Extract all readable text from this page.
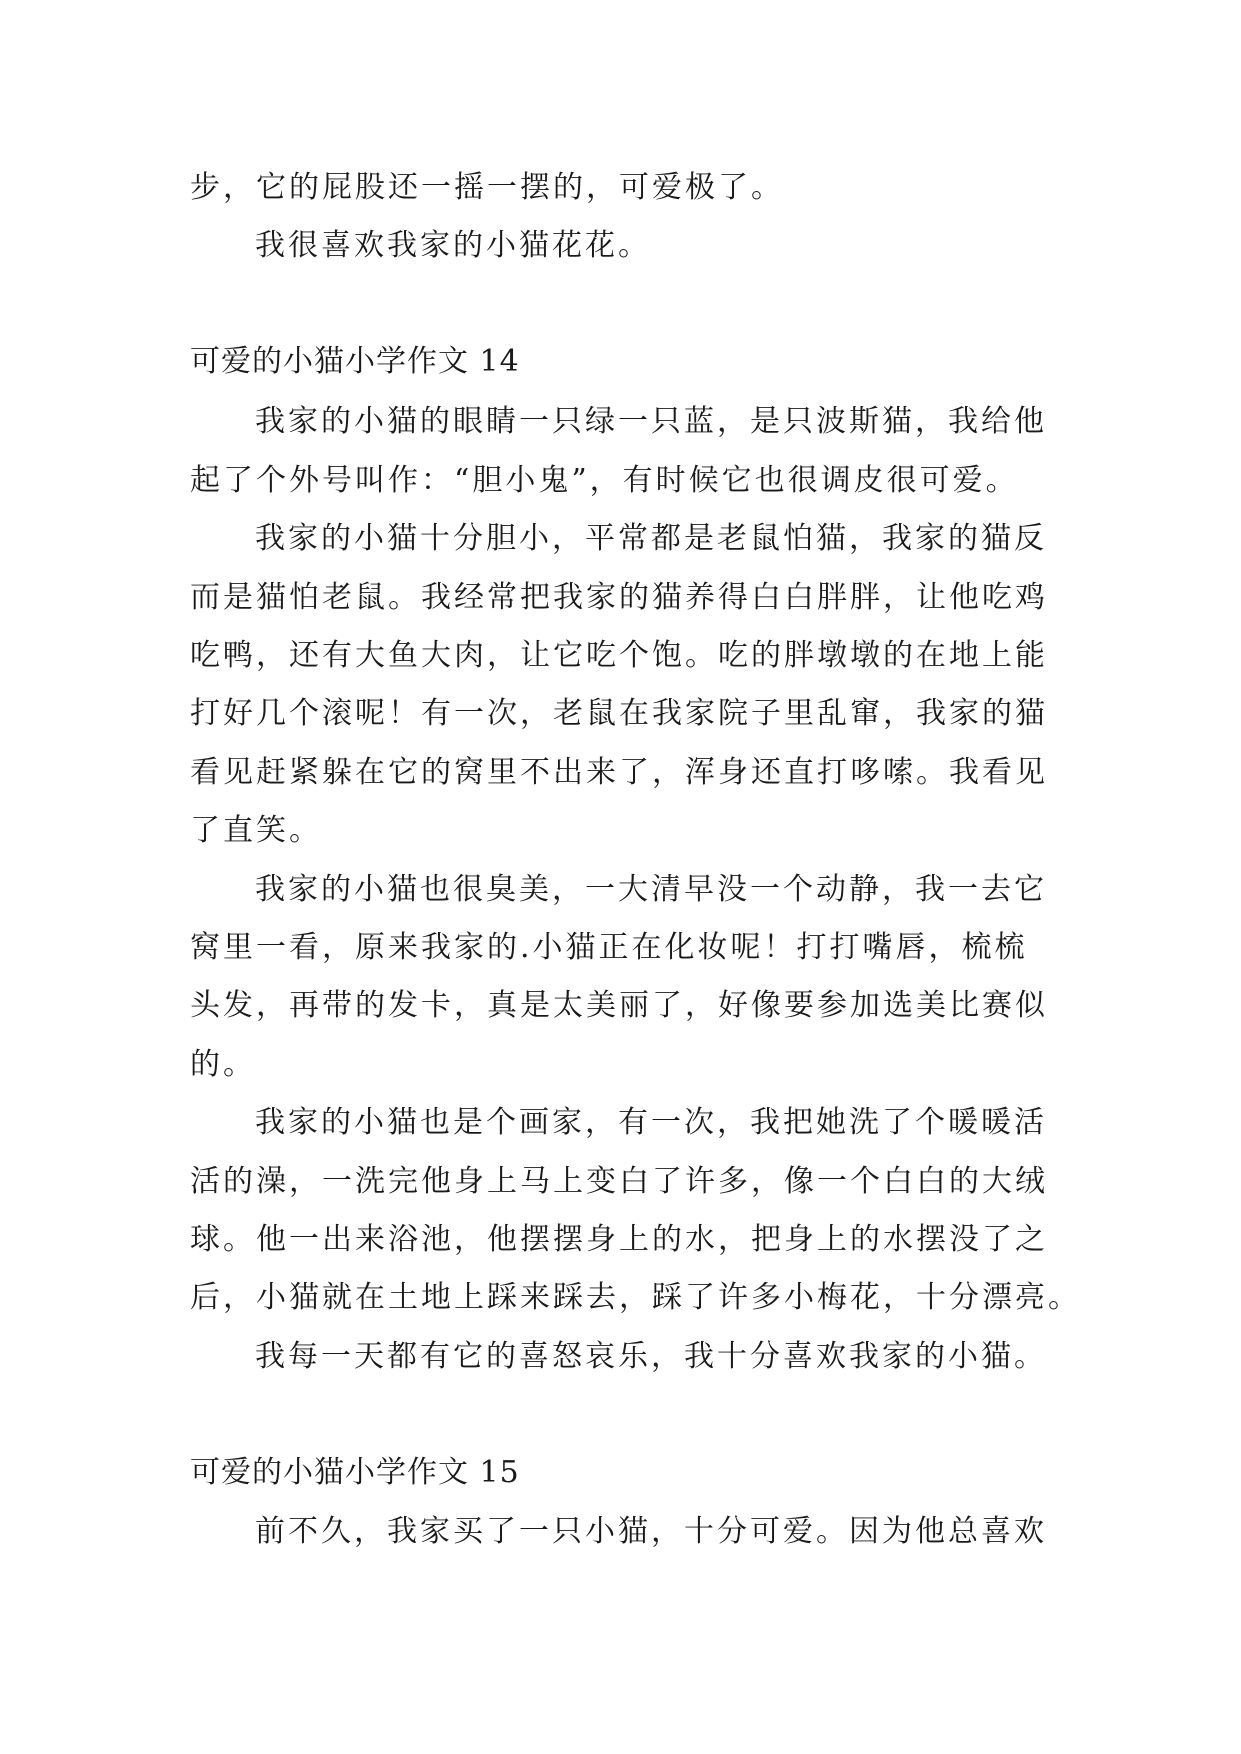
步，它的屁股还一摇一摆的，可爱极了。
我很喜欢我家的小猫花花。
可爱的小猫小学作文 14
我家的小猫的眼睛一只绿一只蓝，是只波斯猫，我给他
起了个外号叫作：“胆小鬼”，有时候它也很调皮很可爱。
我家的小猫十分胆小，平常都是老鼠怕猫，我家的猫反
而是猫怕老鼠。我经常把我家的猫养得白白胖胖，让他吃鸡
吃鸭，还有大鱼大肉，让它吃个饱。吃的胖墩墩的在地上能
打好几个滚呢！有一次，老鼠在我家院子里乱窜，我家的猫
看见赶紧躲在它的窝里不出来了，浑身还直打哆嗦。我看见
了直笑。
我家的小猫也很臭美，一大清早没一个动静，我一去它
窝里一看，原来我家的.小猫正在化妆呢！打打嘴唇，梳梳
头发，再带的发卡，真是太美丽了，好像要参加选美比赛似
的。
我家的小猫也是个画家，有一次，我把她洗了个暖暖活
活的澡，一洗完他身上马上变白了许多，像一个白白的大绒
球。他一出来浴池，他摆摆身上的水，把身上的水摆没了之
后，小猫就在土地上踩来踩去，踩了许多小梅花，十分漂亮。
我每一天都有它的喜怒哀乐，我十分喜欢我家的小猫。
可爱的小猫小学作文 15
前不久，我家买了一只小猫，十分可爱。因为他总喜欢
